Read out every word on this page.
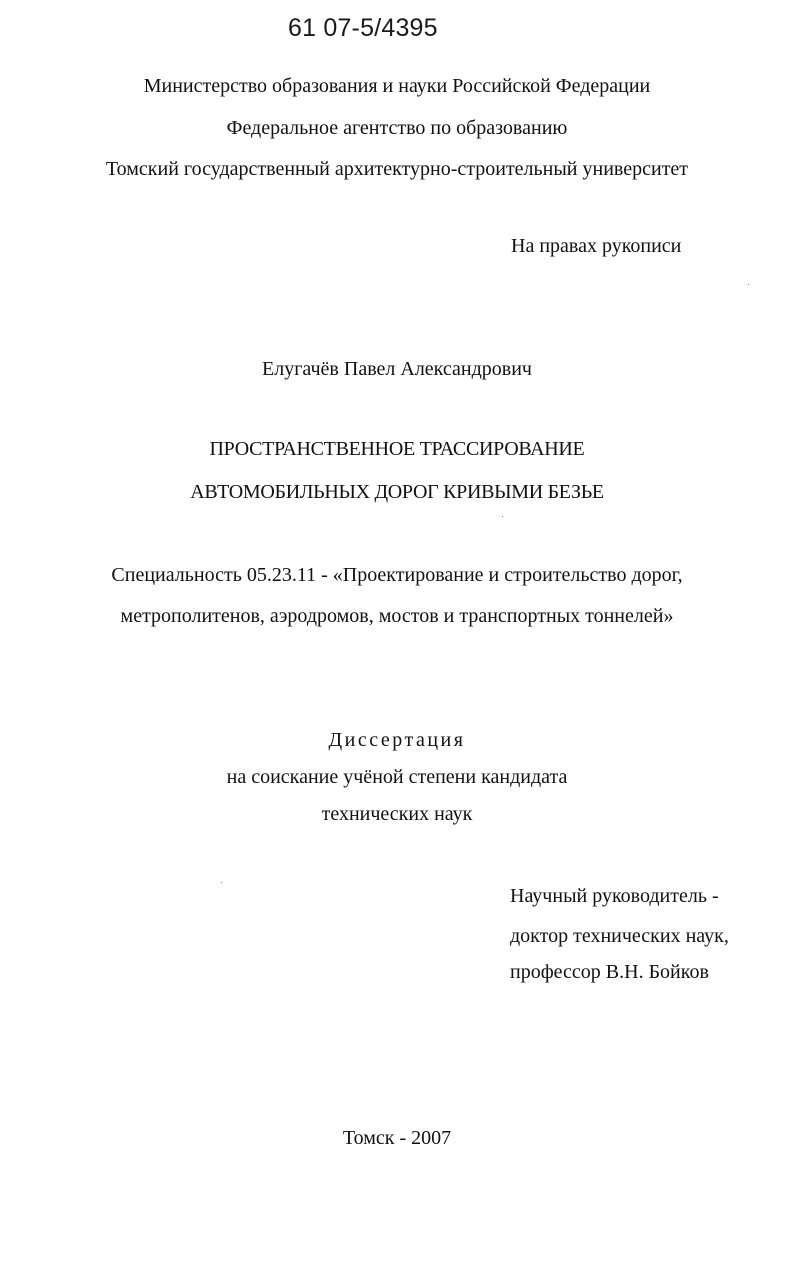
61 07-5/4395
Министерство образования и науки Российской Федерации
Федеральное агентство по образованию
Томский государственный архитектурно-строительный университет
На правах рукописи
Елугачёв Павел Александрович
ПРОСТРАНСТВЕННОЕ ТРАССИРОВАНИЕ
АВТОМОБИЛЬНЫХ ДОРОГ КРИВЫМИ БЕЗЬЕ
Специальность 05.23.11 - «Проектирование и строительство дорог,
метрополитенов, аэродромов, мостов и транспортных тоннелей»
Диссертация
на соискание учёной степени кандидата
технических наук
Научный руководитель -
доктор технических наук,
профессор В.Н. Бойков
Томск - 2007
